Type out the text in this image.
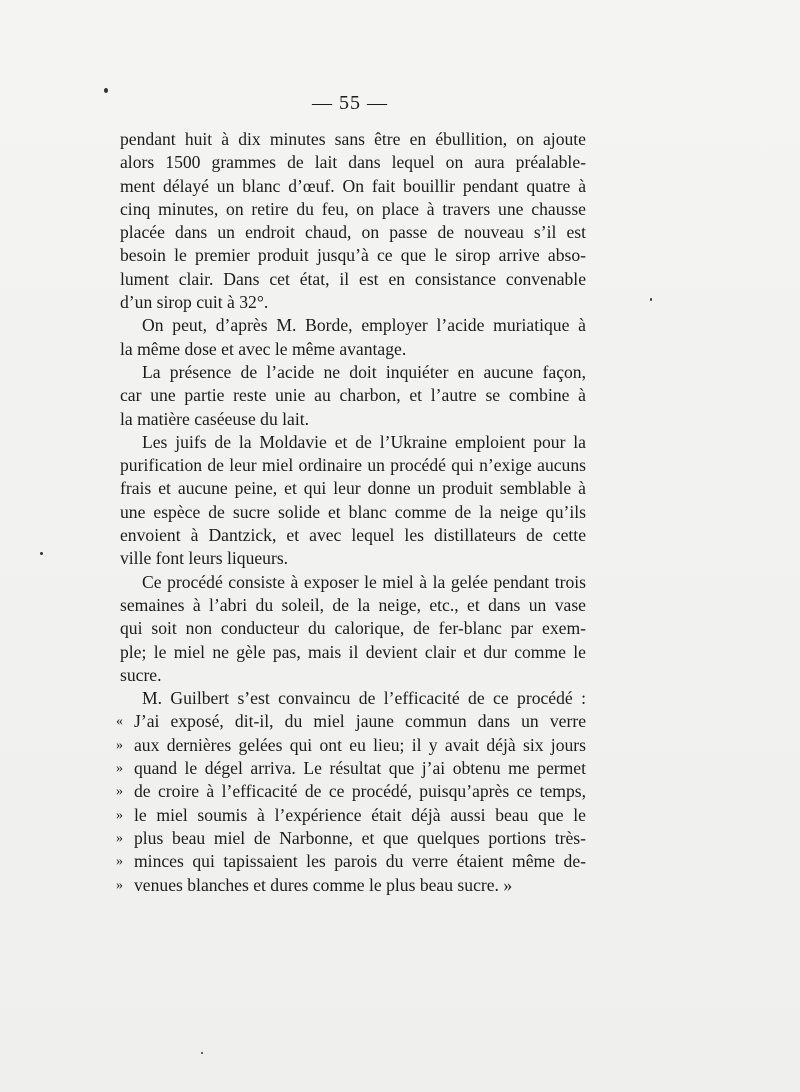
— 55 —
pendant huit à dix minutes sans être en ébullition, on ajoute
alors 1500 grammes de lait dans lequel on aura préalable-
ment délayé un blanc d’œuf. On fait bouillir pendant quatre à
cinq minutes, on retire du feu, on place à travers une chausse
placée dans un endroit chaud, on passe de nouveau s’il est
besoin le premier produit jusqu’à ce que le sirop arrive abso-
lument clair. Dans cet état, il est en consistance convenable
d’un sirop cuit à 32°.
On peut, d’après M. Borde, employer l’acide muriatique à
la même dose et avec le même avantage.
La présence de l’acide ne doit inquiéter en aucune façon,
car une partie reste unie au charbon, et l’autre se combine à
la matière caséeuse du lait.
Les juifs de la Moldavie et de l’Ukraine emploient pour la
purification de leur miel ordinaire un procédé qui n’exige aucuns
frais et aucune peine, et qui leur donne un produit semblable à
une espèce de sucre solide et blanc comme de la neige qu’ils
envoient à Dantzick, et avec lequel les distillateurs de cette
ville font leurs liqueurs.
Ce procédé consiste à exposer le miel à la gelée pendant trois
semaines à l’abri du soleil, de la neige, etc., et dans un vase
qui soit non conducteur du calorique, de fer-blanc par exem-
ple; le miel ne gèle pas, mais il devient clair et dur comme le
sucre.
M. Guilbert s’est convaincu de l’efficacité de ce procédé :
« J’ai exposé, dit-il, du miel jaune commun dans un verre
» aux dernières gelées qui ont eu lieu; il y avait déjà six jours
» quand le dégel arriva. Le résultat que j’ai obtenu me permet
» de croire à l’efficacité de ce procédé, puisqu’après ce temps,
» le miel soumis à l’expérience était déjà aussi beau que le
» plus beau miel de Narbonne, et que quelques portions très-
» minces qui tapissaient les parois du verre étaient même de-
» venues blanches et dures comme le plus beau sucre. »
